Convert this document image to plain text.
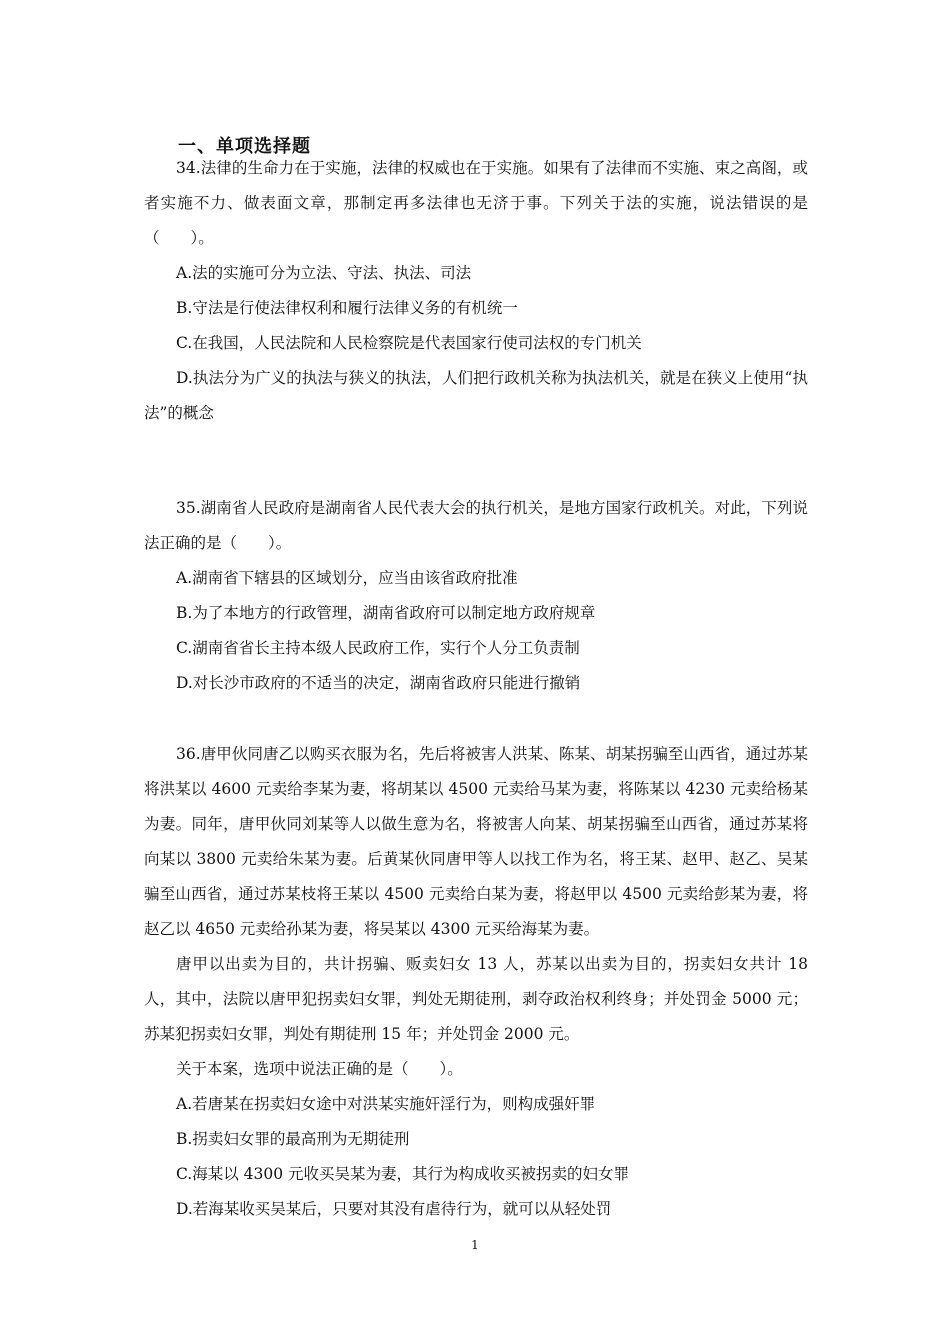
一、单项选择题

34.法律的生命力在于实施，法律的权威也在于实施。如果有了法律而不实施、束之高阁，或者实施不力、做表面文章，那制定再多法律也无济于事。下列关于法的实施，说法错误的是（　　）。

A.法的实施可分为立法、守法、执法、司法

B.守法是行使法律权利和履行法律义务的有机统一

C.在我国，人民法院和人民检察院是代表国家行使司法权的专门机关

D.执法分为广义的执法与狭义的执法，人们把行政机关称为执法机关，就是在狭义上使用“执法”的概念

35.湖南省人民政府是湖南省人民代表大会的执行机关，是地方国家行政机关。对此，下列说法正确的是（　　）。

A.湖南省下辖县的区域划分，应当由该省政府批准

B.为了本地方的行政管理，湖南省政府可以制定地方政府规章

C.湖南省省长主持本级人民政府工作，实行个人分工负责制

D.对长沙市政府的不适当的决定，湖南省政府只能进行撤销

36.唐甲伙同唐乙以购买衣服为名，先后将被害人洪某、陈某、胡某拐骗至山西省，通过苏某将洪某以 4600 元卖给李某为妻，将胡某以 4500 元卖给马某为妻，将陈某以 4230 元卖给杨某为妻。同年，唐甲伙同刘某等人以做生意为名，将被害人向某、胡某拐骗至山西省，通过苏某将向某以 3800 元卖给朱某为妻。后黄某伙同唐甲等人以找工作为名，将王某、赵甲、赵乙、吴某骗至山西省，通过苏某枝将王某以 4500 元卖给白某为妻，将赵甲以 4500 元卖给彭某为妻，将赵乙以 4650 元卖给孙某为妻，将吴某以 4300 元买给海某为妻。

唐甲以出卖为目的，共计拐骗、贩卖妇女 13 人，苏某以出卖为目的，拐卖妇女共计 18 人，其中，法院以唐甲犯拐卖妇女罪，判处无期徒刑，剥夺政治权利终身；并处罚金 5000 元；苏某犯拐卖妇女罪，判处有期徒刑 15 年；并处罚金 2000 元。

关于本案，选项中说法正确的是（　　）。

A.若唐某在拐卖妇女途中对洪某实施奸淫行为，则构成强奸罪

B.拐卖妇女罪的最高刑为无期徒刑

C.海某以 4300 元收买吴某为妻，其行为构成收买被拐卖的妇女罪

D.若海某收买吴某后，只要对其没有虐待行为，就可以从轻处罚

1
